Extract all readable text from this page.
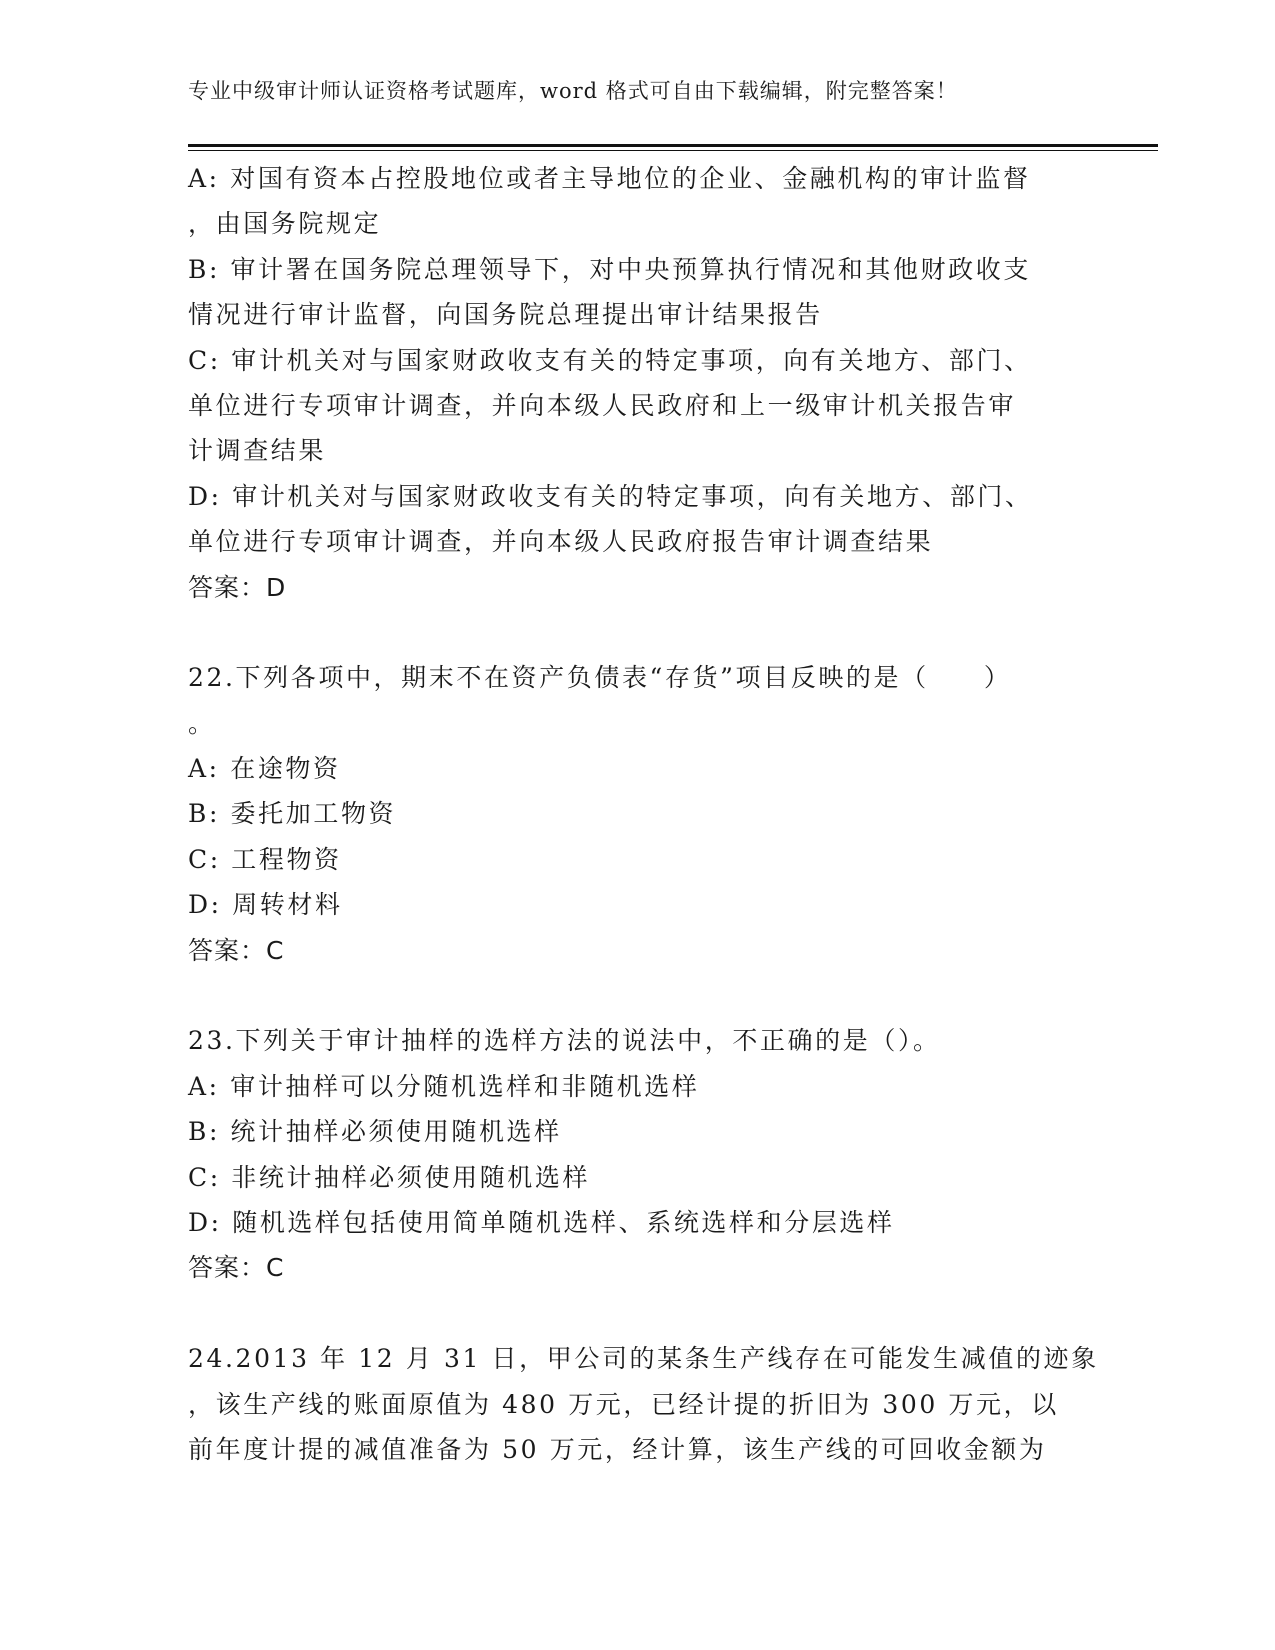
专业中级审计师认证资格考试题库，word 格式可自由下载编辑，附完整答案！
A: 对国有资本占控股地位或者主导地位的企业、金融机构的审计监督
，由国务院规定
B: 审计署在国务院总理领导下，对中央预算执行情况和其他财政收支
情况进行审计监督，向国务院总理提出审计结果报告
C: 审计机关对与国家财政收支有关的特定事项，向有关地方、部门、
单位进行专项审计调查，并向本级人民政府和上一级审计机关报告审
计调查结果
D: 审计机关对与国家财政收支有关的特定事项，向有关地方、部门、
单位进行专项审计调查，并向本级人民政府报告审计调查结果
答案：D
22.下列各项中，期末不在资产负债表“存货”项目反映的是（　　）
。
A: 在途物资
B: 委托加工物资
C: 工程物资
D: 周转材料
答案：C
23.下列关于审计抽样的选样方法的说法中，不正确的是（）。
A: 审计抽样可以分随机选样和非随机选样
B: 统计抽样必须使用随机选样
C: 非统计抽样必须使用随机选样
D: 随机选样包括使用简单随机选样、系统选样和分层选样
答案：C
24.2013 年 12 月 31 日，甲公司的某条生产线存在可能发生减值的迹象
，该生产线的账面原值为 480 万元，已经计提的折旧为 300 万元，以
前年度计提的减值准备为 50 万元，经计算，该生产线的可回收金额为
